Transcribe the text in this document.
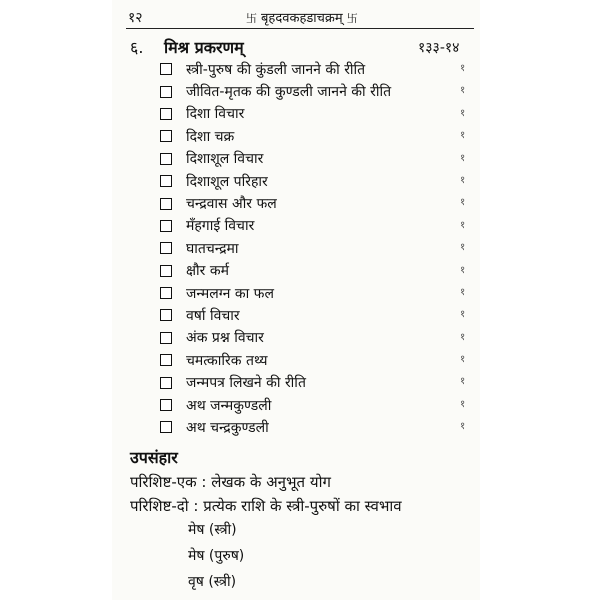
१२	卐 बृहदवकहडाचक्रम् 卐
६. मिश्र प्रकरणम्	१३३-१४
स्त्री-पुरुष की कुंडली जानने की रीति
जीवित-मृतक की कुण्डली जानने की रीति
दिशा विचार
दिशा चक्र
दिशाशूल विचार
दिशाशूल परिहार
चन्द्रवास और फल
मँहगाई विचार
घातचन्द्रमा
क्षौर कर्म
जन्मलग्न का फल
वर्षा विचार
अंक प्रश्न विचार
चमत्कारिक तथ्य
जन्मपत्र लिखने की रीति
अथ जन्मकुण्डली
अथ चन्द्रकुण्डली
१
१
१
१
१
१
१
१
१
१
१
१
१
१
१
१
१
उपसंहार
परिशिष्ट-एक : लेखक के अनुभूत योग
परिशिष्ट-दो : प्रत्येक राशि के स्त्री-पुरुषों का स्वभाव
मेष (स्त्री)
मेष (पुरुष)
वृष (स्त्री)
